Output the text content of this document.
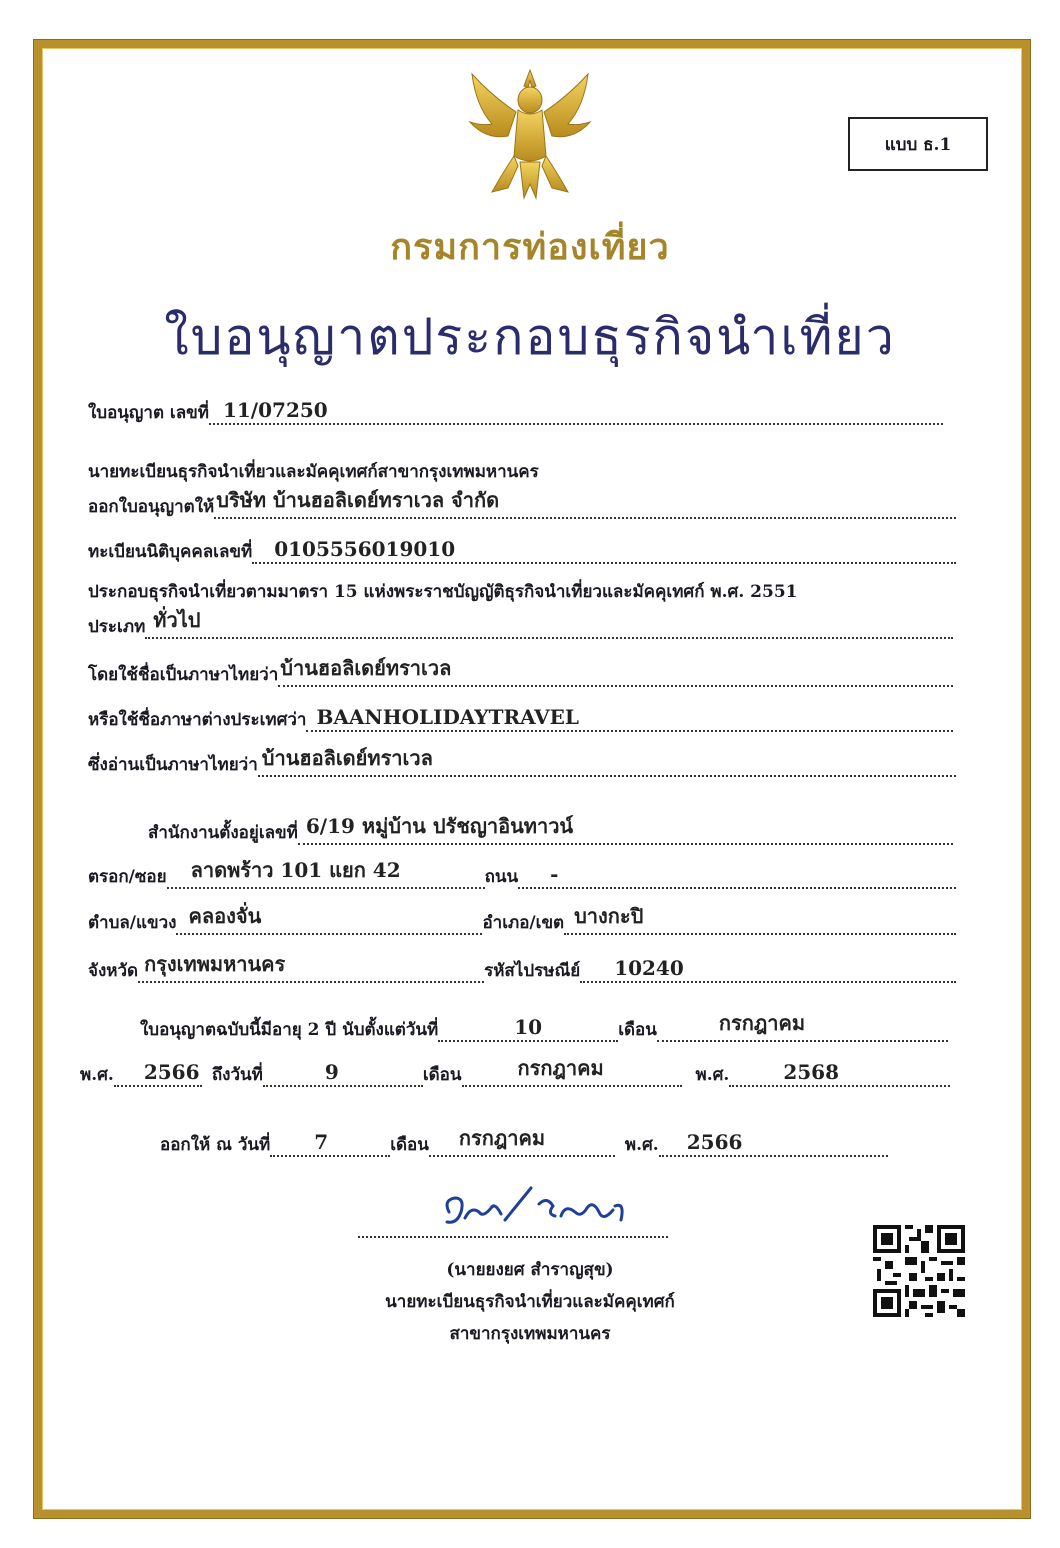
แบบ ธ.1
กรมการท่องเที่ยว
ใบอนุญาตประกอบธุรกิจนำเที่ยว
ใบอนุญาต เลขที่ 11/07250
นายทะเบียนธุรกิจนำเที่ยวและมัคคุเทศก์สาขากรุงเทพมหานคร
ออกใบอนุญาตให้ บริษัท บ้านฮอลิเดย์ทราเวล จำกัด
ทะเบียนนิติบุคคลเลขที่ 0105556019010
ประกอบธุรกิจนำเที่ยวตามมาตรา 15 แห่งพระราชบัญญัติธุรกิจนำเที่ยวและมัคคุเทศก์ พ.ศ. 2551
ประเภท ทั่วไป
โดยใช้ชื่อเป็นภาษาไทยว่า บ้านฮอลิเดย์ทราเวล
หรือใช้ชื่อภาษาต่างประเทศว่า BAANHOLIDAYTRAVEL
ซึ่งอ่านเป็นภาษาไทยว่า บ้านฮอลิเดย์ทราเวล
สำนักงานตั้งอยู่เลขที่ 6/19 หมู่บ้าน ปรัชญาอินทาวน์
ตรอก/ซอย ลาดพร้าว 101 แยก 42	ถนน -
ตำบล/แขวง คลองจั่น	อำเภอ/เขต บางกะปิ
จังหวัด กรุงเทพมหานคร	รหัสไปรษณีย์ 10240
ใบอนุญาตฉบับนี้มีอายุ 2 ปี นับตั้งแต่วันที่	10	เดือน	กรกฎาคม
พ.ศ. 2566 ถึงวันที่	9	เดือน	กรกฎาคม	พ.ศ.	2568
ออกให้ ณ วันที่ 7	เดือน กรกฎาคม	พ.ศ. 2566
(นายยงยศ สำราญสุข)
นายทะเบียนธุรกิจนำเที่ยวและมัคคุเทศก์
สาขากรุงเทพมหานคร
